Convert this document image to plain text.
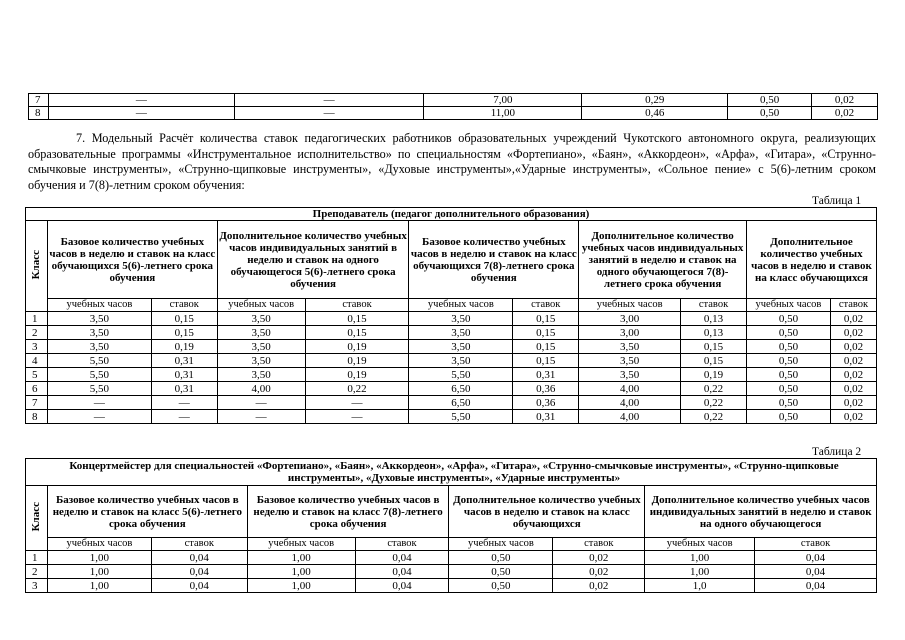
7	—	—	7,00	0,29	0,50	0,02
8	—	—	11,00	0,46	0,50	0,02
7. Модельный Расчёт количества ставок педагогических работников образовательных учреждений Чукотского автономного округа, реализующих образовательные программы «Инструментальное исполнительство» по специальностям «Фортепиано», «Баян», «Аккордеон», «Арфа», «Гитара», «Струнно-смычковые инструменты», «Струнно-щипковые инструменты», «Духовые инструменты»,«Ударные инструменты», «Сольное пение» с 5(6)-летним сроком обучения и 7(8)-летним сроком обучения:
Таблица 1
Преподаватель (педагог дополнительного образования)										
Класс	Базовое количество учебных часов в неделю и ставок на класс обучающихся 5(6)-летнего срока обучения		Дополнительное количество учебных часов индивидуальных занятий в неделю и ставок на одного обучающегося 5(6)-летнего срока обучения		Базовое количество учебных часов в неделю и ставок на класс обучающихся 7(8)-летнего срока обучения		Дополнительное количество учебных часов индивидуальных занятий в неделю и ставок на одного обучающегося 7(8)-летнего срока обучения		Дополнительное количество учебных часов в неделю и ставок на класс обучающихся	
	учебных часов	ставок	учебных часов	ставок	учебных часов	ставок	учебных часов	ставок	учебных часов	ставок
1	3,50	0,15	3,50	0,15	3,50	0,15	3,00	0,13	0,50	0,02
2	3,50	0,15	3,50	0,15	3,50	0,15	3,00	0,13	0,50	0,02
3	3,50	0,19	3,50	0,19	3,50	0,15	3,50	0,15	0,50	0,02
4	5,50	0,31	3,50	0,19	3,50	0,15	3,50	0,15	0,50	0,02
5	5,50	0,31	3,50	0,19	5,50	0,31	3,50	0,19	0,50	0,02
6	5,50	0,31	4,00	0,22	6,50	0,36	4,00	0,22	0,50	0,02
7	—	—	—	—	6,50	0,36	4,00	0,22	0,50	0,02
8	—	—	—	—	5,50	0,31	4,00	0,22	0,50	0,02
Таблица 2
Концертмейстер для специальностей «Фортепиано», «Баян», «Аккордеон», «Арфа», «Гитара», «Струнно-смычковые инструменты», «Струнно-щипковые инструменты», «Духовые инструменты», «Ударные инструменты»								
Класс	Базовое количество учебных часов в неделю и ставок на класс 5(6)-летнего срока обучения		Базовое количество учебных часов в неделю и ставок на класс 7(8)-летнего срока обучения		Дополнительное количество учебных часов в неделю и ставок на класс обучающихся		Дополнительное количество учебных часов индивидуальных занятий в неделю и ставок на одного обучающегося	
	учебных часов	ставок	учебных часов	ставок	учебных часов	ставок	учебных часов	ставок
1	1,00	0,04	1,00	0,04	0,50	0,02	1,00	0,04
2	1,00	0,04	1,00	0,04	0,50	0,02	1,00	0,04
3	1,00	0,04	1,00	0,04	0,50	0,02	1,0	0,04
